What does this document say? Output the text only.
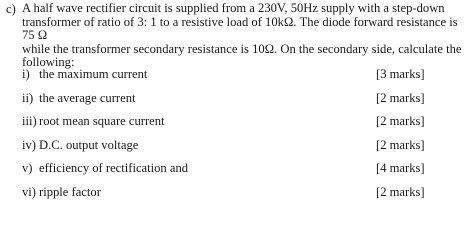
c) A half wave rectifier circuit is supplied from a 230V, 50Hz supply with a step-down
transformer of ratio of 3: 1 to a resistive load of 10kΩ. The diode forward resistance is 75 Ω
while the transformer secondary resistance is 10Ω. On the secondary side, calculate the
following:
i) the maximum current	[3 marks]
ii) the average current	[2 marks]
iii) root mean square current	[2 marks]
iv) D.C. output voltage	[2 marks]
v) efficiency of rectification and	[4 marks]
vi) ripple factor	[2 marks]
